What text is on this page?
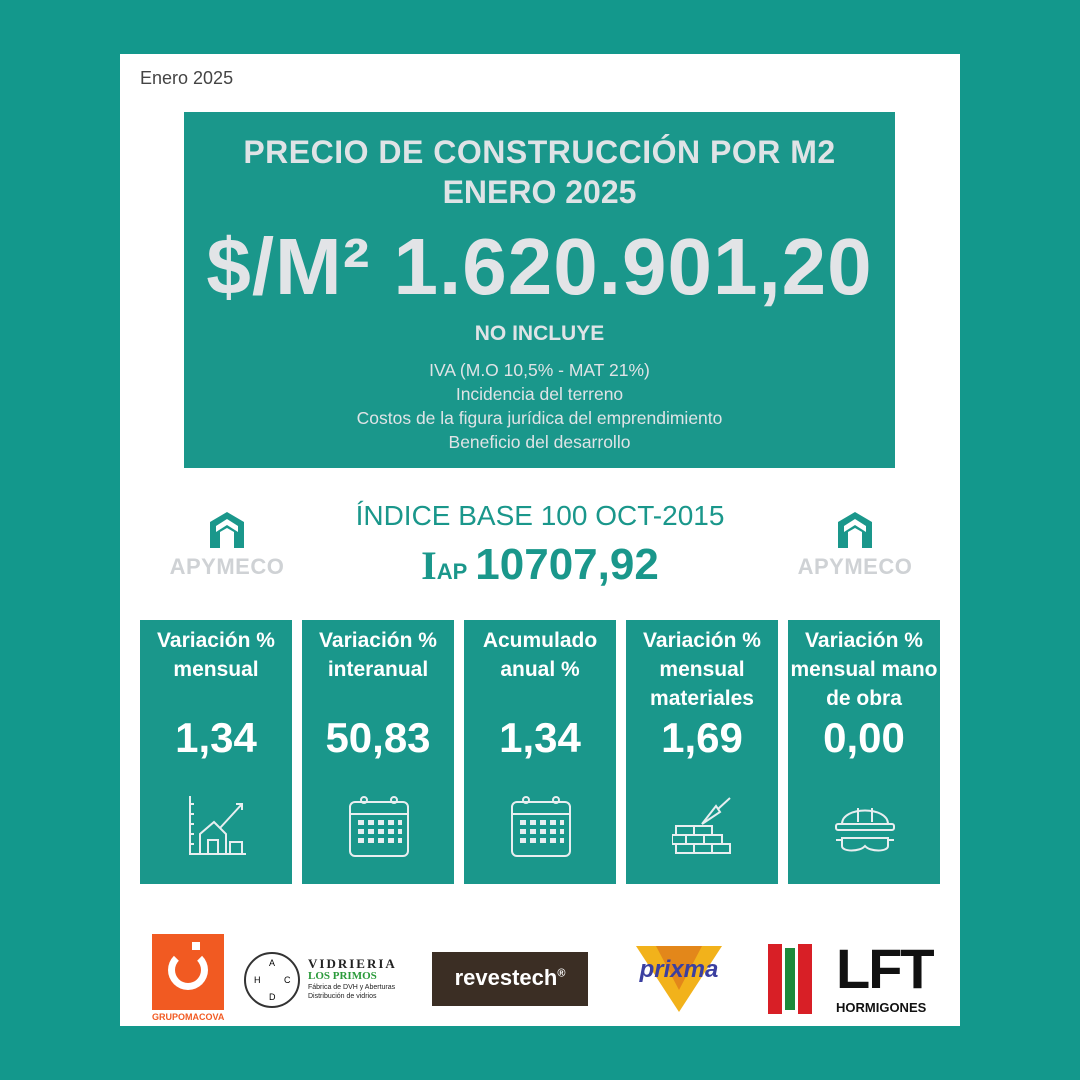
Enero 2025
PRECIO DE CONSTRUCCIÓN POR M2
ENERO 2025
$/M² 1.620.901,20
NO INCLUYE
IVA (M.O 10,5% - MAT 21%)
Incidencia del terreno
Costos de la figura jurídica del emprendimiento
Beneficio del desarrollo
APYMECO	APYMECO
ÍNDICE BASE 100 OCT-2015
IAP 10707,92
Variación % mensual
1,34
Variación % interanual
50,83
Acumulado anual %
1,34
Variación % mensual materiales
1,69
Variación % mensual mano de obra
0,00
GRUPOMACOVA
A
H	C
D
VIDRIERIA
LOS PRIMOS
Fábrica de DVH y Aberturas
Distribución de vidrios
revestech®	prixma LFT
HORMIGONES
